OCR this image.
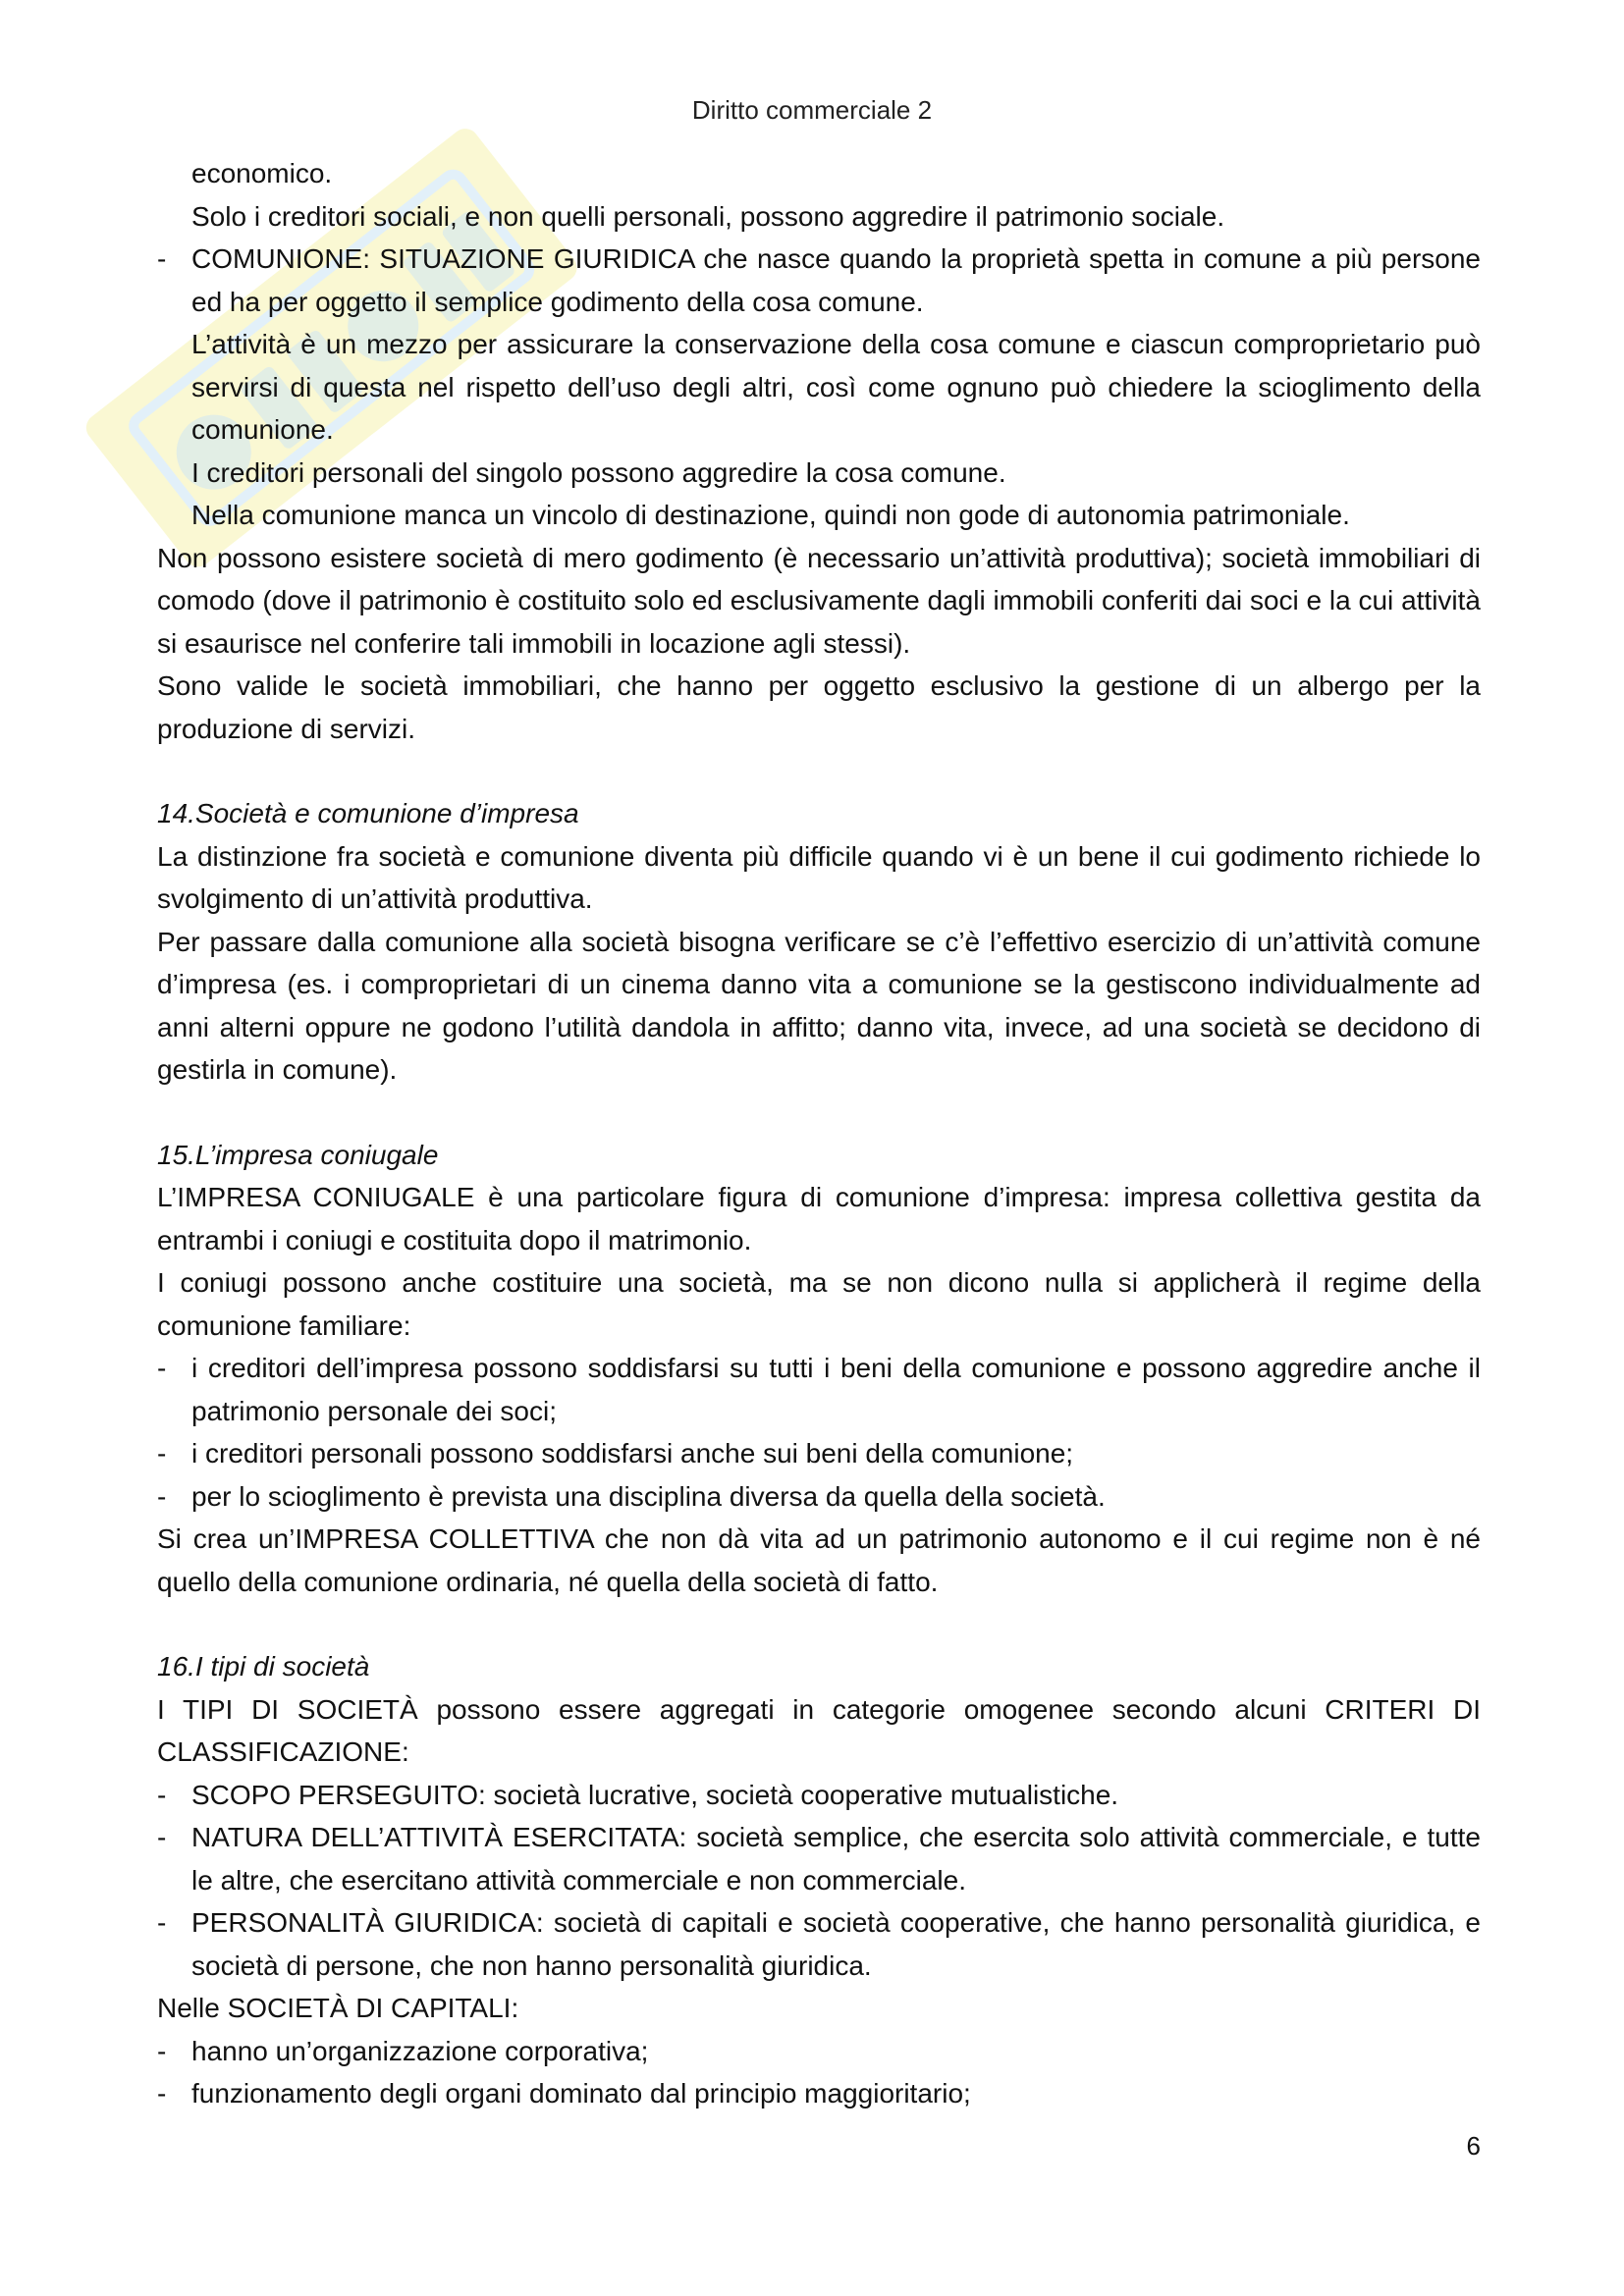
Diritto commerciale 2

economico.

Solo i creditori sociali, e non quelli personali, possono aggredire il patrimonio sociale.

- COMUNIONE: SITUAZIONE GIURIDICA che nasce quando la proprietà spetta in comune a più persone ed ha per oggetto il semplice godimento della cosa comune.

L’attività è un mezzo per assicurare la conservazione della cosa comune e ciascun comproprietario può servirsi di questa nel rispetto dell’uso degli altri, così come ognuno può chiedere la scioglimento della comunione.

I creditori personali del singolo possono aggredire la cosa comune.

Nella comunione manca un vincolo di destinazione, quindi non gode di autonomia patrimoniale.

Non possono esistere società di mero godimento (è necessario un’attività produttiva); società immobiliari di comodo (dove il patrimonio è costituito solo ed esclusivamente dagli immobili conferiti dai soci e la cui attività si esaurisce nel conferire tali immobili in locazione agli stessi).

Sono valide le società immobiliari, che hanno per oggetto esclusivo la gestione di un albergo per la produzione di servizi.

14.Società e comunione d’impresa

La distinzione fra società e comunione diventa più difficile quando vi è un bene il cui godimento richiede lo svolgimento di un’attività produttiva.

Per passare dalla comunione alla società bisogna verificare se c’è l’effettivo esercizio di un’attività comune d’impresa (es. i comproprietari di un cinema danno vita a comunione se la gestiscono individualmente ad anni alterni oppure ne godono l’utilità dandola in affitto; danno vita, invece, ad una società se decidono di gestirla in comune).

15.L’impresa coniugale

L’IMPRESA CONIUGALE è una particolare figura di comunione d’impresa: impresa collettiva gestita da entrambi i coniugi e costituita dopo il matrimonio.

I coniugi possono anche costituire una società, ma se non dicono nulla si applicherà il regime della comunione familiare:

- i creditori dell’impresa possono soddisfarsi su tutti i beni della comunione e possono aggredire anche il patrimonio personale dei soci;

- i creditori personali possono soddisfarsi anche sui beni della comunione;

- per lo scioglimento è prevista una disciplina diversa da quella della società.

Si crea un’IMPRESA COLLETTIVA che non dà vita ad un patrimonio autonomo e il cui regime non è né quello della comunione ordinaria, né quella della società di fatto.

16.I tipi di società

I TIPI DI SOCIETÀ possono essere aggregati in categorie omogenee secondo alcuni CRITERI DI CLASSIFICAZIONE:

- SCOPO PERSEGUITO: società lucrative, società cooperative mutualistiche.

- NATURA DELL’ATTIVITÀ ESERCITATA: società semplice, che esercita solo attività commerciale, e tutte le altre, che esercitano attività commerciale e non commerciale.

- PERSONALITÀ GIURIDICA: società di capitali e società cooperative, che hanno personalità giuridica, e società di persone, che non hanno personalità giuridica.

Nelle SOCIETÀ DI CAPITALI:

- hanno un’organizzazione corporativa;

- funzionamento degli organi dominato dal principio maggioritario;

6
